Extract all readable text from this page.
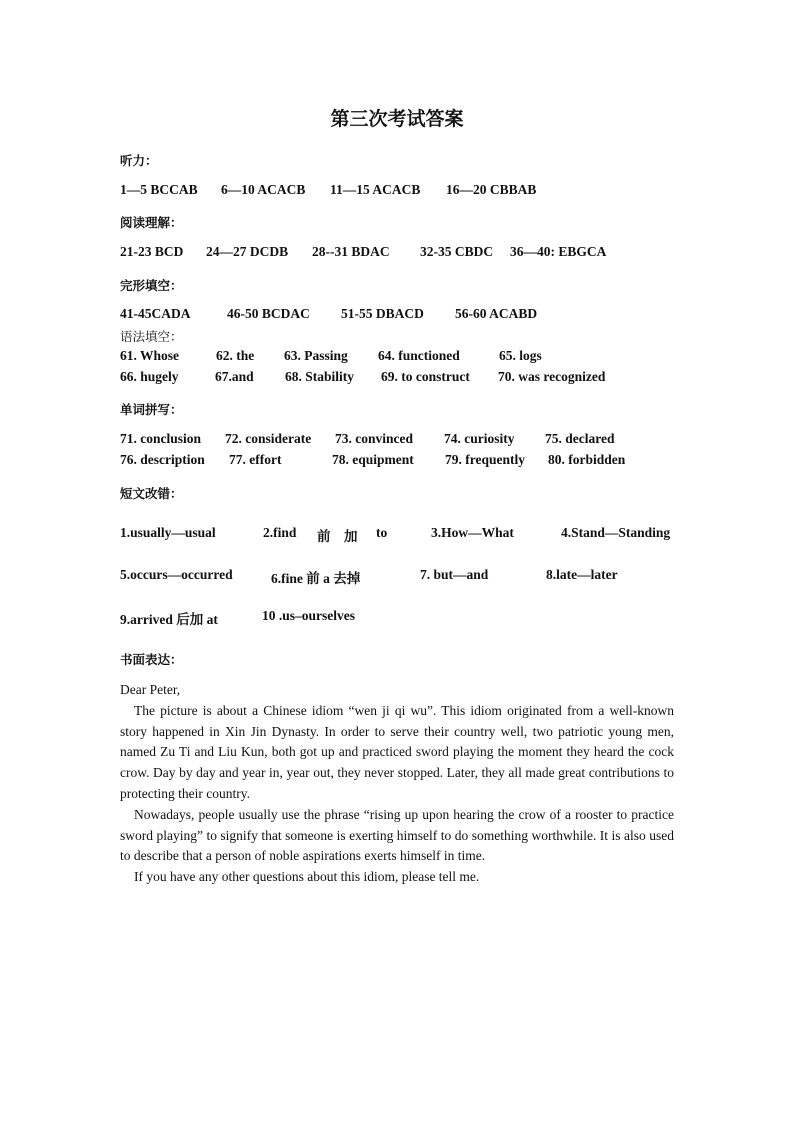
第三次考试答案
听力：
1—5 BCCAB 6—10 ACACB 11—15 ACACB 16—20 CBBAB
阅读理解：
21-23 BCD 24—27 DCDB 28--31 BDAC 32-35 CBDC 36—40: EBGCA
完形填空：
41-45CADA	46-50 BCDAC 51-55 DBACD 56-60 ACABD
语法填空：
61. Whose	62. the 63. Passing 64. functioned	65. logs
66. hugely	67.and 68. Stability 69. to construct 70. was recognized
单词拼写：
71. conclusion 72. considerate 73. convinced 74. curiosity 75. declared
76. description 77. effort	78. equipment 79. frequently 80. forbidden
短文改错：
1.usually—usual	2.find 前 加 to	3.How—What	4.Stand—Standing
5.occurs—occurred	6.fine 前 a 去掉	7. but—and	8.late—later
9.arrived 后加 at	10 .us–ourselves
书面表达：

Dear Peter,

The picture is about a Chinese idiom “wen ji qi wu”. This idiom originated from a well-known story happened in Xin Jin Dynasty. In order to serve their country well, two patriotic young men, named Zu Ti and Liu Kun, both got up and practiced sword playing the moment they heard the cock crow. Day by day and year in, year out, they never stopped. Later, they all made great contributions to protecting their country.

Nowadays, people usually use the phrase “rising up upon hearing the crow of a rooster to practice sword playing” to signify that someone is exerting himself to do something worthwhile. It is also used to describe that a person of noble aspirations exerts himself in time.

If you have any other questions about this idiom, please tell me.
